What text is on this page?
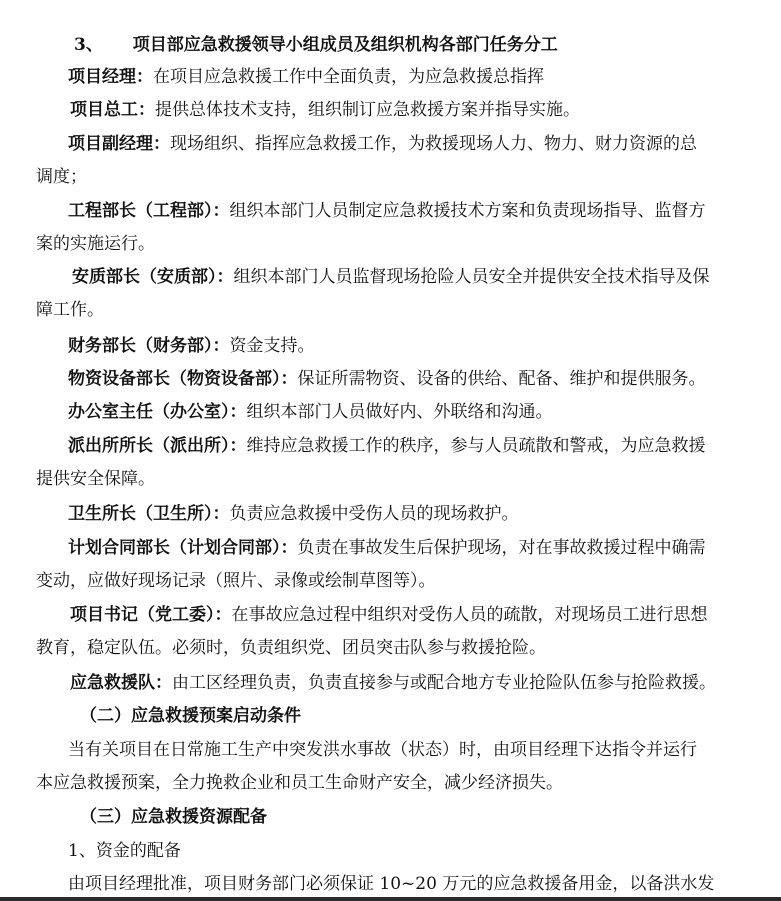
3、 项目部应急救援领导小组成员及组织机构各部门任务分工
项目经理：在项目应急救援工作中全面负责，为应急救援总指挥
项目总工：提供总体技术支持，组织制订应急救援方案并指导实施。
项目副经理：现场组织、指挥应急救援工作，为救援现场人力、物力、财力资源的总
调度；
工程部长（工程部）：组织本部门人员制定应急救援技术方案和负责现场指导、监督方
案的实施运行。
安质部长（安质部）：组织本部门人员监督现场抢险人员安全并提供安全技术指导及保
障工作。
财务部长（财务部）：资金支持。
物资设备部长（物资设备部）：保证所需物资、设备的供给、配备、维护和提供服务。
办公室主任（办公室）：组织本部门人员做好内、外联络和沟通。
派出所所长（派出所）：维持应急救援工作的秩序，参与人员疏散和警戒，为应急救援
提供安全保障。
卫生所长（卫生所）：负责应急救援中受伤人员的现场救护。
计划合同部长（计划合同部）：负责在事故发生后保护现场，对在事故救援过程中确需
变动，应做好现场记录（照片、录像或绘制草图等）。
项目书记（党工委）：在事故应急过程中组织对受伤人员的疏散，对现场员工进行思想
教育，稳定队伍。必须时，负责组织党、团员突击队参与救援抢险。
应急救援队：由工区经理负责，负责直接参与或配合地方专业抢险队伍参与抢险救援。
（二）应急救援预案启动条件
当有关项目在日常施工生产中突发洪水事故（状态）时，由项目经理下达指令并运行
本应急救援预案，全力挽救企业和员工生命财产安全，减少经济损失。
（三）应急救援资源配备
1、资金的配备
由项目经理批准，项目财务部门必须保证 10~20 万元的应急救援备用金，以备洪水发
